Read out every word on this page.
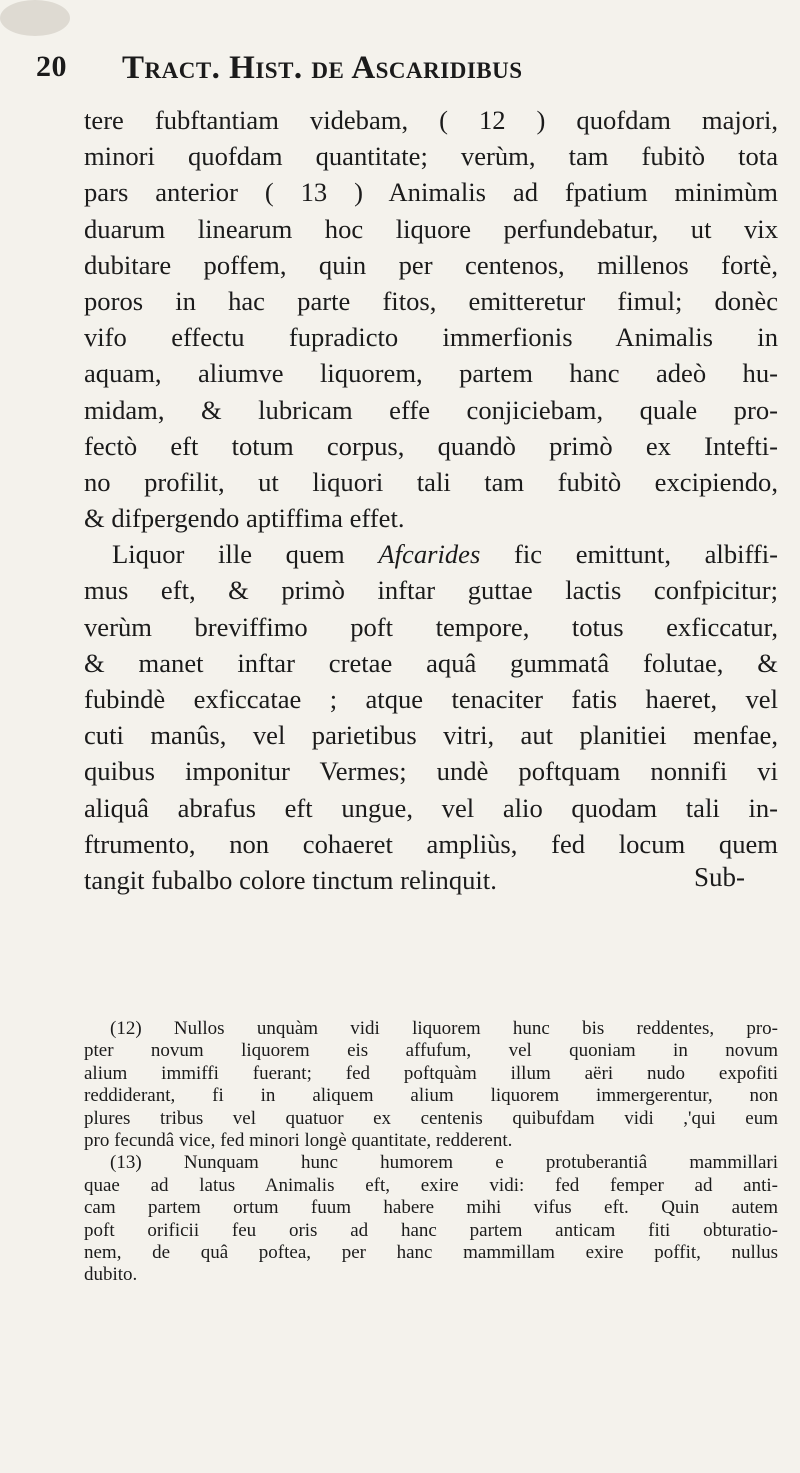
20 Tract. Hist. de Ascaridibus
tere fubftantiam videbam, ( 12 ) quofdam majori,
minori quofdam quantitate; verùm, tam fubitò tota
pars anterior ( 13 ) Animalis ad fpatium minimùm
duarum linearum hoc liquore perfundebatur, ut vix
dubitare poffem, quin per centenos, millenos fortè,
poros in hac parte fitos, emitteretur fimul; donèc
vifo effectu fupradicto immerfionis Animalis in
aquam, aliumve liquorem, partem hanc adeò hu-
midam, & lubricam effe conjiciebam, quale pro-
fectò eft totum corpus, quandò primò ex Intefti-
no profilit, ut liquori tali tam fubitò excipiendo,
& difpergendo aptiffima effet.
Liquor ille quem Afcarides fic emittunt, albiffi-
mus eft, & primò inftar guttae lactis confpicitur;
verùm breviffimo poft tempore, totus exficcatur,
& manet inftar cretae aquâ gummatâ folutae, &
fubindè exficcatae ; atque tenaciter fatis haeret, vel
cuti manûs, vel parietibus vitri, aut planitiei menfae,
quibus imponitur Vermes; undè poftquam nonnifi vi
aliquâ abrafus eft ungue, vel alio quodam tali in-
ftrumento, non cohaeret ampliùs, fed locum quem
tangit fubalbo colore tinctum relinquit.	Sub-
(12) Nullos unquàm vidi liquorem hunc bis reddentes, pro-
pter novum liquorem eis affufum, vel quoniam in novum
alium immiffi fuerant; fed poftquàm illum aëri nudo expofiti
reddiderant, fi in aliquem alium liquorem immergerentur, non
plures tribus vel quatuor ex centenis quibufdam vidi ,'qui eum
pro fecundâ vice, fed minori longè quantitate, redderent.
(13) Nunquam hunc humorem e protuberantiâ mammillari
quae ad latus Animalis eft, exire vidi: fed femper ad anti-
cam partem ortum fuum habere mihi vifus eft. Quin autem
poft orificii feu oris ad hanc partem anticam fiti obturatio-
nem, de quâ poftea, per hanc mammillam exire poffit, nullus
dubito.
